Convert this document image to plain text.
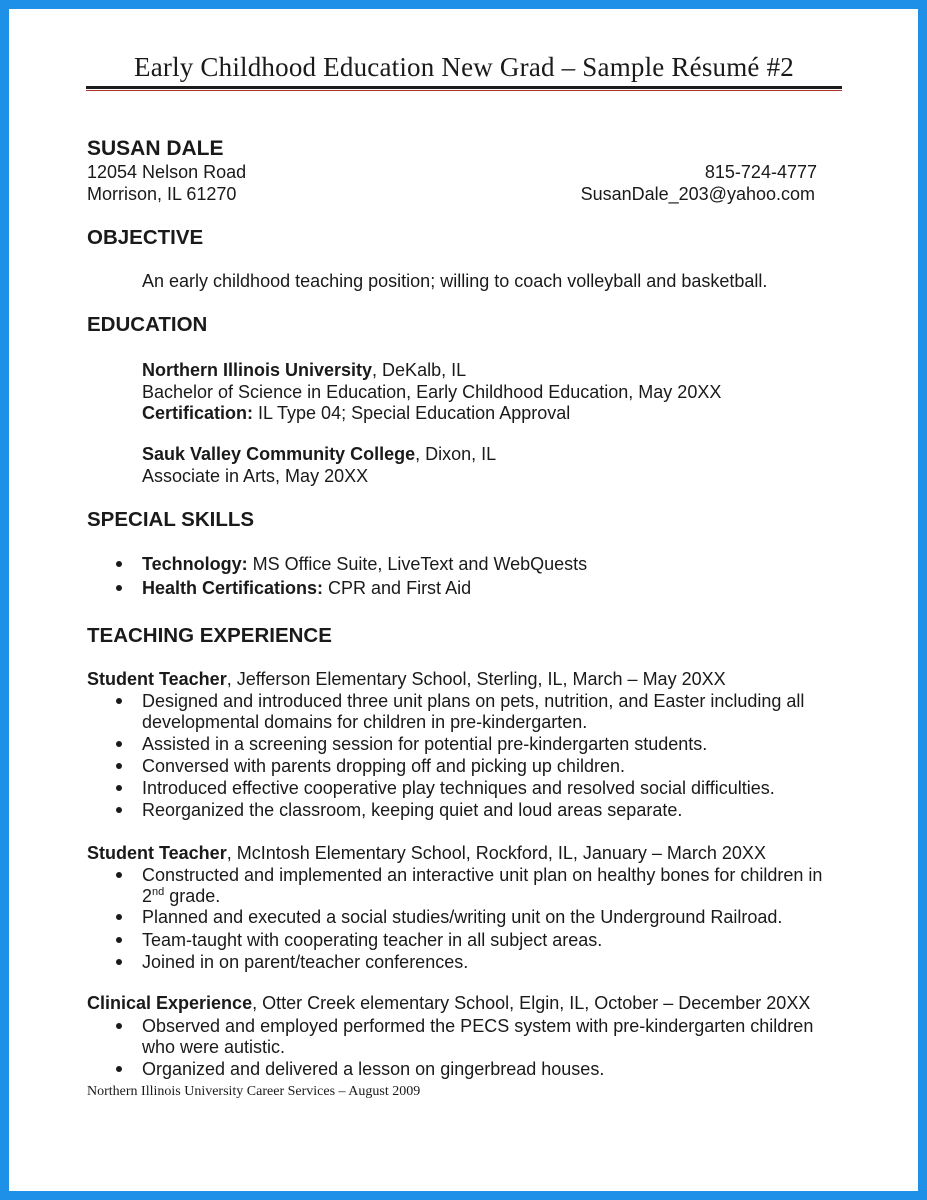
Early Childhood Education New Grad – Sample Résumé #2
SUSAN DALE
12054 Nelson Road
Morrison, IL 61270
815-724-4777
SusanDale_203@yahoo.com
OBJECTIVE
An early childhood teaching position; willing to coach volleyball and basketball.
EDUCATION
Northern Illinois University, DeKalb, IL
Bachelor of Science in Education, Early Childhood Education, May 20XX
Certification: IL Type 04; Special Education Approval
Sauk Valley Community College, Dixon, IL
Associate in Arts, May 20XX
SPECIAL SKILLS
Technology: MS Office Suite, LiveText and WebQuests
Health Certifications: CPR and First Aid
TEACHING EXPERIENCE
Student Teacher, Jefferson Elementary School, Sterling, IL, March – May 20XX
Designed and introduced three unit plans on pets, nutrition, and Easter including all
developmental domains for children in pre-kindergarten.
Assisted in a screening session for potential pre-kindergarten students.
Conversed with parents dropping off and picking up children.
Introduced effective cooperative play techniques and resolved social difficulties.
Reorganized the classroom, keeping quiet and loud areas separate.
Student Teacher, McIntosh Elementary School, Rockford, IL, January – March 20XX
Constructed and implemented an interactive unit plan on healthy bones for children in
2nd grade.
Planned and executed a social studies/writing unit on the Underground Railroad.
Team-taught with cooperating teacher in all subject areas.
Joined in on parent/teacher conferences.
Clinical Experience, Otter Creek elementary School, Elgin, IL, October – December 20XX
Observed and employed performed the PECS system with pre-kindergarten children
who were autistic.
Organized and delivered a lesson on gingerbread houses.
Northern Illinois University Career Services – August 2009
